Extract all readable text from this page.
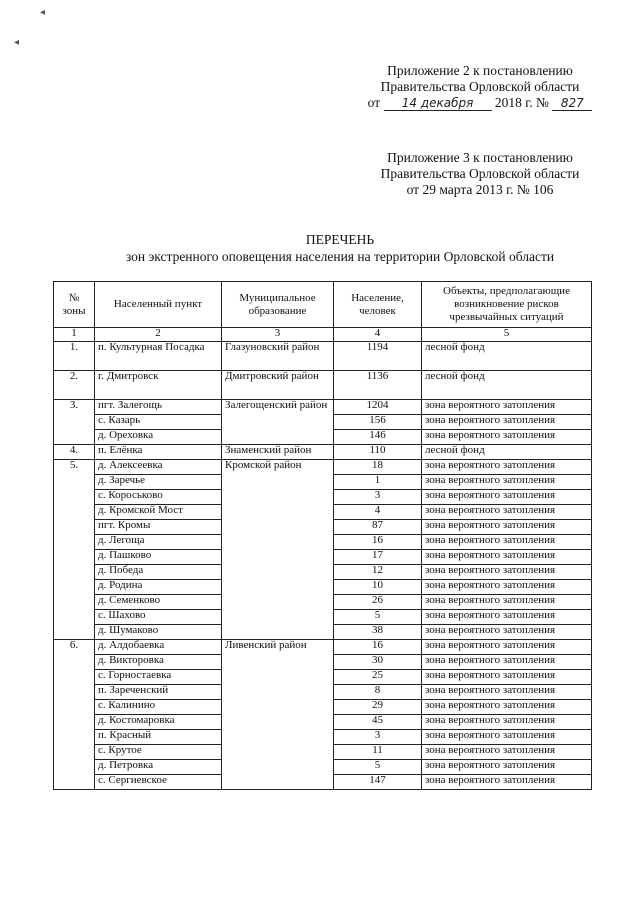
◂
◂
Приложение 2 к постановлению
Правительства Орловской области
от 14 декабря 2018 г. № 827
Приложение 3 к постановлению
Правительства Орловской области
от 29 марта 2013 г. № 106
ПЕРЕЧЕНЬ
зон экстренного оповещения населения на территории Орловской области
№ зоны	Населенный пункт	Муниципальное образование	Население, человек	Объекты, предполагающие возникновение рисков чрезвычайных ситуаций
1	2	3	4	5
1.	п. Культурная Посадка	Глазуновский район	1194	лесной фонд
2.	г. Дмитровск	Дмитровский район	1136	лесной фонд
3.	пгт. Залегощь	Залегощенский район	1204	зона вероятного затопления
	с. Казарь		156	зона вероятного затопления
	д. Ореховка		146	зона вероятного затопления
4.	п. Елёнка	Знаменский район	110	лесной фонд
5.	д. Алексеевка	Кромской район	18	зона вероятного затопления
	д. Заречье		1	зона вероятного затопления
	с. Короськово		3	зона вероятного затопления
	д. Кромской Мост		4	зона вероятного затопления
	пгт. Кромы		87	зона вероятного затопления
	д. Легоща		16	зона вероятного затопления
	д. Пашково		17	зона вероятного затопления
	д. Победа		12	зона вероятного затопления
	д. Родина		10	зона вероятного затопления
	д. Семенково		26	зона вероятного затопления
	с. Шахово		5	зона вероятного затопления
	д. Шумаково		38	зона вероятного затопления
6.	д. Алдобаевка	Ливенский район	16	зона вероятного затопления
	д. Викторовка		30	зона вероятного затопления
	с. Горностаевка		25	зона вероятного затопления
	п. Зареченский		8	зона вероятного затопления
	с. Калинино		29	зона вероятного затопления
	д. Костомаровка		45	зона вероятного затопления
	п. Красный		3	зона вероятного затопления
	с. Крутое		11	зона вероятного затопления
	д. Петровка		5	зона вероятного затопления
	с. Сергиевское		147	зона вероятного затопления
